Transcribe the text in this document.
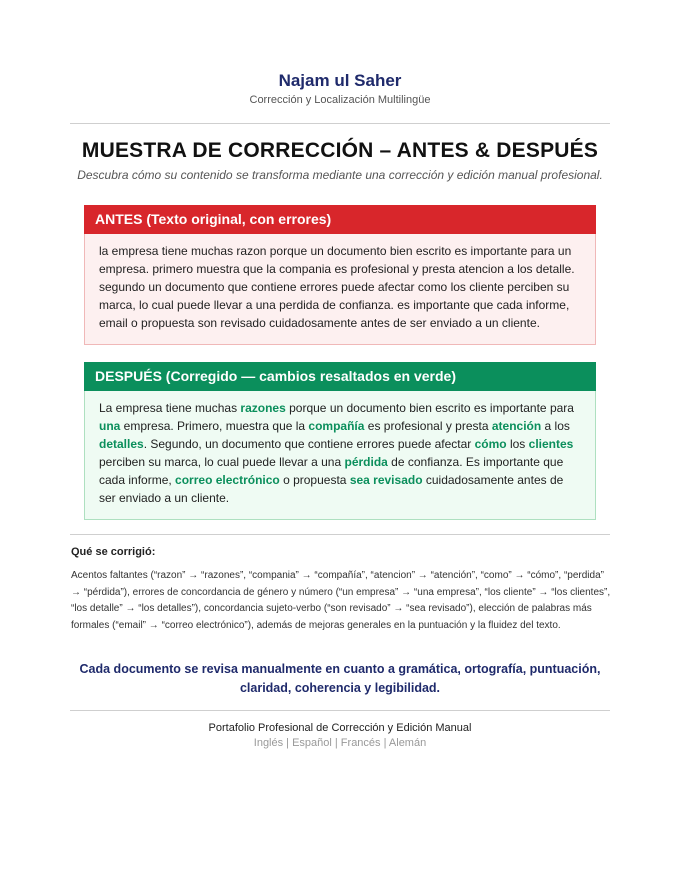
Najam ul Saher
Corrección y Localización Multilingüe
MUESTRA DE CORRECCIÓN – ANTES & DESPUÉS
Descubra cómo su contenido se transforma mediante una corrección y edición manual profesional.
ANTES (Texto original, con errores)
la empresa tiene muchas razon porque un documento bien escrito es importante para un empresa. primero muestra que la compania es profesional y presta atencion a los detalle. segundo un documento que contiene errores puede afectar como los cliente perciben su marca, lo cual puede llevar a una perdida de confianza. es importante que cada informe, email o propuesta son revisado cuidadosamente antes de ser enviado a un cliente.
DESPUÉS (Corregido — cambios resaltados en verde)
La empresa tiene muchas razones porque un documento bien escrito es importante para una empresa. Primero, muestra que la compañía es profesional y presta atención a los detalles. Segundo, un documento que contiene errores puede afectar cómo los clientes perciben su marca, lo cual puede llevar a una pérdida de confianza. Es importante que cada informe, correo electrónico o propuesta sea revisado cuidadosamente antes de ser enviado a un cliente.
Qué se corrigió:
Acentos faltantes (“razon” → “razones”, “compania” → “compañía”, “atencion” → “atención”, “como” → “cómo”, “perdida” → “pérdida”), errores de concordancia de género y número (“un empresa” → “una empresa”, “los cliente” → “los clientes”, “los detalle” → “los detalles”), concordancia sujeto-verbo (“son revisado” → “sea revisado”), elección de palabras más formales (“email” → “correo electrónico”), además de mejoras generales en la puntuación y la fluidez del texto.
Cada documento se revisa manualmente en cuanto a gramática, ortografía, puntuación, claridad, coherencia y legibilidad.
Portafolio Profesional de Corrección y Edición Manual
Inglés | Español | Francés | Alemán
